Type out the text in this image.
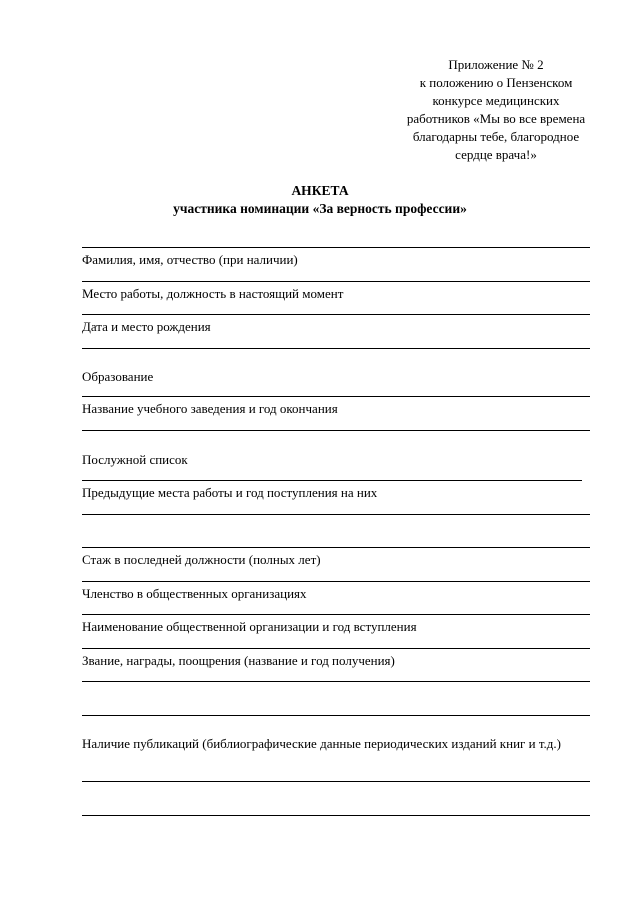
Приложение № 2
к положению о Пензенском
конкурсе медицинских
работников «Мы во все времена
благодарны тебе, благородное
сердце врача!»
АНКЕТА
участника номинации «За верность профессии»
Фамилия, имя, отчество (при наличии)
Место работы, должность в настоящий момент
Дата и место рождения
Образование
Название учебного заведения и год окончания
Послужной список
Предыдущие места работы и год поступления на них
Стаж в последней должности (полных лет)
Членство в общественных организациях
Наименование общественной организации и год вступления
Звание, награды, поощрения (название и год получения)
Наличие публикаций (библиографические данные периодических изданий книг и т.д.)
